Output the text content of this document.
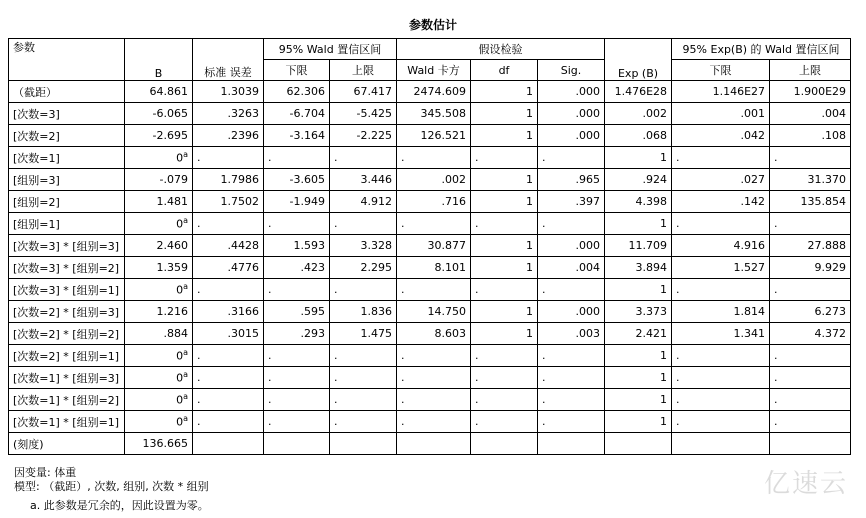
参数估计
参数	B	标准 误差	95% Wald 置信区间		假设检验			Exp (B)	95% Exp(B) 的 Wald 置信区间	
			下限	上限	Wald 卡方	df	Sig.		下限	上限
（截距）	64.861	1.3039	62.306	67.417	2474.609	1	.000	1.476E28	1.146E27	1.900E29
[次数=3]	-6.065	.3263	-6.704	-5.425	345.508	1	.000	.002	.001	.004
[次数=2]	-2.695	.2396	-3.164	-2.225	126.521	1	.000	.068	.042	.108
[次数=1]	0$^a$	.	.	.	.	.	.	1	.	.
[组别=3]	-.079	1.7986	-3.605	3.446	.002	1	.965	.924	.027	31.370
[组别=2]	1.481	1.7502	-1.949	4.912	.716	1	.397	4.398	.142	135.854
[组别=1]	0$^a$	.	.	.	.	.	.	1	.	.
[次数=3] * [组别=3]	2.460	.4428	1.593	3.328	30.877	1	.000	11.709	4.916	27.888
[次数=3] * [组别=2]	1.359	.4776	.423	2.295	8.101	1	.004	3.894	1.527	9.929
[次数=3] * [组别=1]	0$^a$	.	.	.	.	.	.	1	.	.
[次数=2] * [组别=3]	1.216	.3166	.595	1.836	14.750	1	.000	3.373	1.814	6.273
[次数=2] * [组别=2]	.884	.3015	.293	1.475	8.603	1	.003	2.421	1.341	4.372
[次数=2] * [组别=1]	0$^a$	.	.	.	.	.	.	1	.	.
[次数=1] * [组别=3]	0$^a$	.	.	.	.	.	.	1	.	.
[次数=1] * [组别=2]	0$^a$	.	.	.	.	.	.	1	.	.
[次数=1] * [组别=1]	0$^a$	.	.	.	.	.	.	1	.	.
(刻度)	136.665									
因变量: 体重
模型: （截距）, 次数, 组别, 次数 * 组别
a. 此参数是冗余的，因此设置为零。
亿速云
